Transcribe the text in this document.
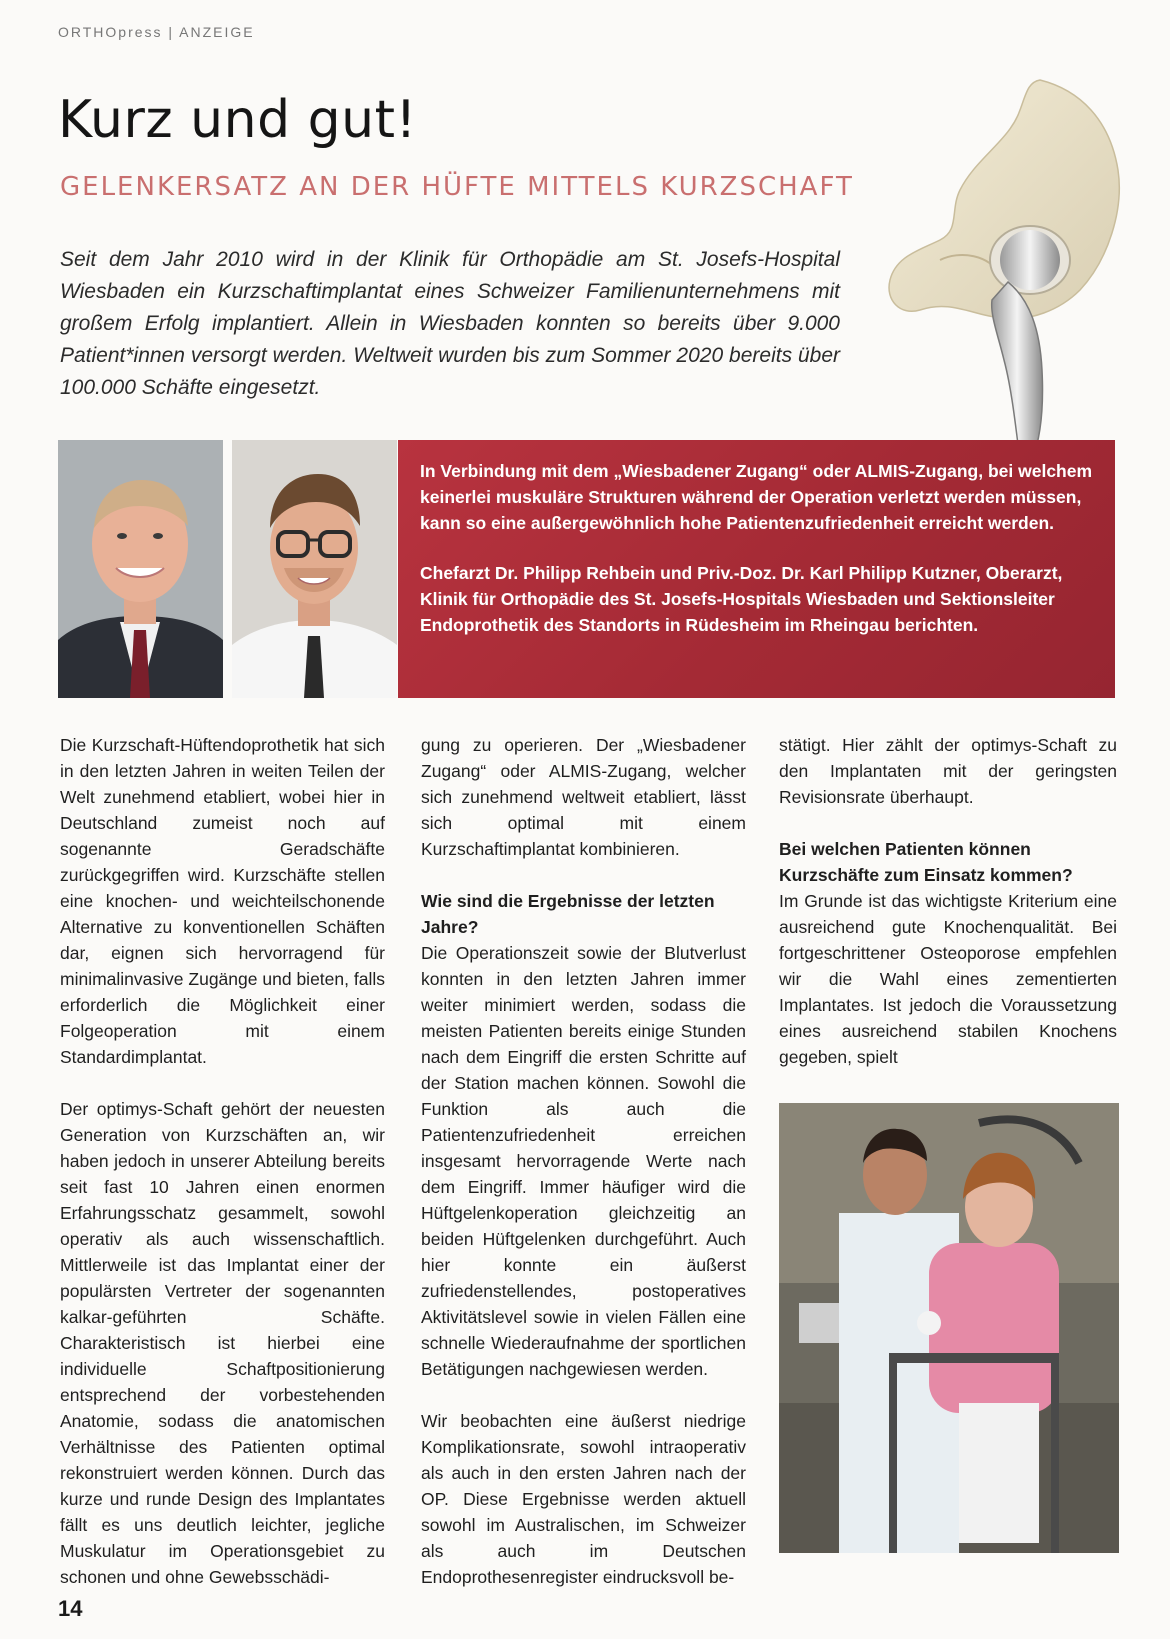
ORTHOpress | ANZEIGE
Kurz und gut!
GELENKERSATZ AN DER HÜFTE MITTELS KURZSCHAFT

Seit dem Jahr 2010 wird in der Klinik für Orthopädie am St. Josefs-Hospital Wiesbaden ein Kurzschaftimplantat eines Schweizer Familienunternehmens mit großem Erfolg implantiert. Allein in Wiesbaden konnten so bereits über 9.000 Patient*innen versorgt werden. Weltweit wurden bis zum Sommer 2020 bereits über 100.000 Schäfte eingesetzt.

In Verbindung mit dem „Wiesbadener Zugang“ oder ALMIS-Zugang, bei welchem keinerlei muskuläre Strukturen während der Operation verletzt werden müssen, kann so eine außergewöhnlich hohe Patientenzufriedenheit erreicht werden.

Chefarzt Dr. Philipp Rehbein und Priv.-Doz. Dr. Karl Philipp Kutzner, Oberarzt, Klinik für Orthopädie des St. Josefs-Hospitals Wiesbaden und Sektionsleiter Endoprothetik des Standorts in Rüdesheim im Rheingau berichten.

Die Kurzschaft-Hüftendoprothetik hat sich in den letzten Jahren in weiten Teilen der Welt zunehmend etabliert, wobei hier in Deutschland zumeist noch auf sogenannte Geradschäfte zurückgegriffen wird. Kurzschäfte stellen eine knochen- und weichteilschonende Alternative zu konventionellen Schäften dar, eignen sich hervorragend für minimalinvasive Zugänge und bieten, falls erforderlich die Möglichkeit einer Folgeoperation mit einem Standardimplantat.

Der optimys-Schaft gehört der neuesten Generation von Kurzschäften an, wir haben jedoch in unserer Abteilung bereits seit fast 10 Jahren einen enormen Erfahrungsschatz gesammelt, sowohl operativ als auch wissenschaftlich. Mittlerweile ist das Implantat einer der populärsten Vertreter der sogenannten kalkar-geführten Schäfte. Charakteristisch ist hierbei eine individuelle Schaftpositionierung entsprechend der vorbestehenden Anatomie, sodass die anatomischen Verhältnisse des Patienten optimal rekonstruiert werden können. Durch das kurze und runde Design des Implantates fällt es uns deutlich leichter, jegliche Muskulatur im Operationsgebiet zu schonen und ohne Gewebsschädi-

gung zu operieren. Der „Wiesbadener Zugang“ oder ALMIS-Zugang, welcher sich zunehmend weltweit etabliert, lässt sich optimal mit einem Kurzschaftimplantat kombinieren.

Wie sind die Ergebnisse der letzten Jahre?

Die Operationszeit sowie der Blutverlust konnten in den letzten Jahren immer weiter minimiert werden, sodass die meisten Patienten bereits einige Stunden nach dem Eingriff die ersten Schritte auf der Station machen können. Sowohl die Funktion als auch die Patientenzufriedenheit erreichen insgesamt hervorragende Werte nach dem Eingriff. Immer häufiger wird die Hüftgelenkoperation gleichzeitig an beiden Hüftgelenken durchgeführt. Auch hier konnte ein äußerst zufriedenstellendes, postoperatives Aktivitätslevel sowie in vielen Fällen eine schnelle Wiederaufnahme der sportlichen Betätigungen nachgewiesen werden.

Wir beobachten eine äußerst niedrige Komplikationsrate, sowohl intraoperativ als auch in den ersten Jahren nach der OP. Diese Ergebnisse werden aktuell sowohl im Australischen, im Schweizer als auch im Deutschen Endoprothesenregister eindrucksvoll be-

stätigt. Hier zählt der optimys-Schaft zu den Implantaten mit der geringsten Revisionsrate überhaupt.

Bei welchen Patienten können Kurzschäfte zum Einsatz kommen?

Im Grunde ist das wichtigste Kriterium eine ausreichend gute Knochenqualität. Bei fortgeschrittener Osteoporose empfehlen wir die Wahl eines zementierten Implantates. Ist jedoch die Voraussetzung eines ausreichend stabilen Knochens gegeben, spielt

14
